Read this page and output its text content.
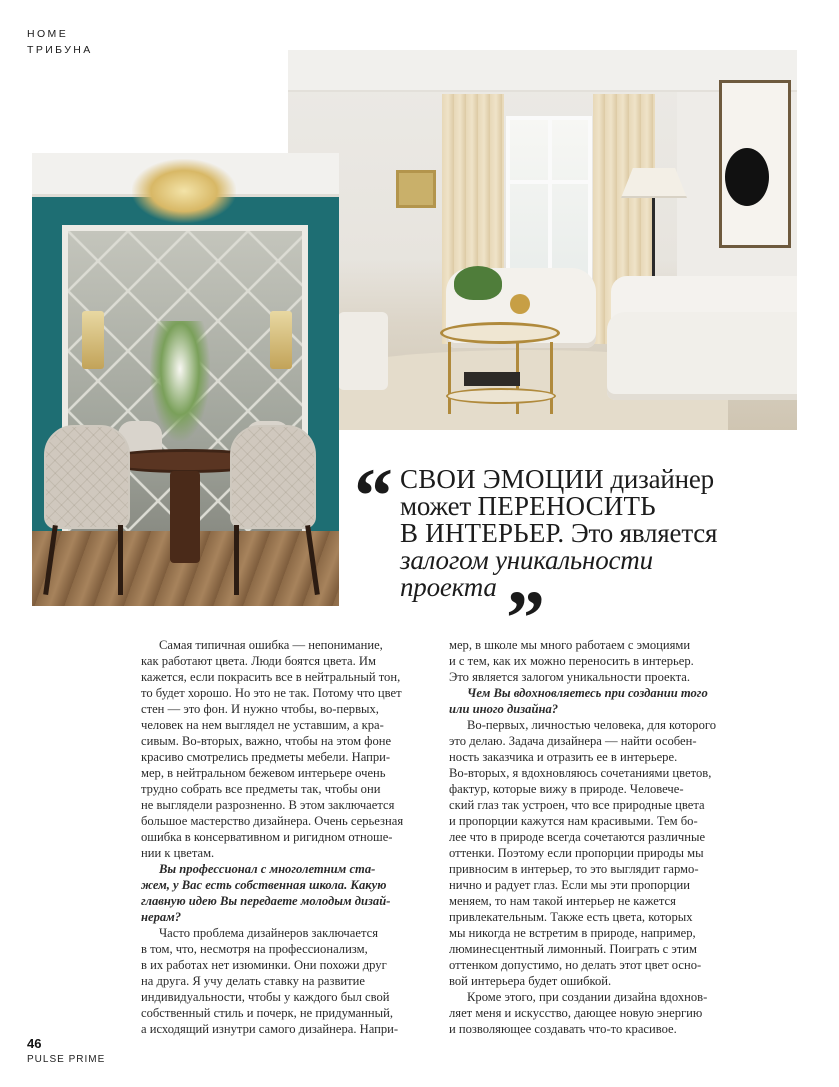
HOME
ТРИБУНА
“ СВОИ ЭМОЦИИ дизайнер
может ПЕРЕНОСИТЬ
В ИНТЕРЬЕР. Это является
залогом уникальности
проекта ”
Самая типичная ошибка — непонимание,
как работают цвета. Люди боятся цвета. Им
кажется, если покрасить все в нейтральный тон,
то будет хорошо. Но это не так. Потому что цвет
стен — это фон. И нужно чтобы, во-первых,
человек на нем выглядел не уставшим, а кра-
сивым. Во-вторых, важно, чтобы на этом фоне
красиво смотрелись предметы мебели. Напри-
мер, в нейтральном бежевом интерьере очень
трудно собрать все предметы так, чтобы они
не выглядели разрозненно. В этом заключается
большое мастерство дизайнера. Очень серьезная
ошибка в консервативном и ригидном отноше-
нии к цветам.
Вы профессионал с многолетним ста-
жем, у Вас есть собственная школа. Какую
главную идею Вы передаете молодым дизай-
нерам?
Часто проблема дизайнеров заключается
в том, что, несмотря на профессионализм,
в их работах нет изюминки. Они похожи друг
на друга. Я учу делать ставку на развитие
индивидуальности, чтобы у каждого был свой
собственный стиль и почерк, не придуманный,
а исходящий изнутри самого дизайнера. Напри-
мер, в школе мы много работаем с эмоциями
и с тем, как их можно переносить в интерьер.
Это является залогом уникальности проекта.
Чем Вы вдохновляетесь при создании того
или иного дизайна?
Во-первых, личностью человека, для которого
это делаю. Задача дизайнера — найти особен-
ность заказчика и отразить ее в интерьере.
Во-вторых, я вдохновляюсь сочетаниями цветов,
фактур, которые вижу в природе. Человече-
ский глаз так устроен, что все природные цвета
и пропорции кажутся нам красивыми. Тем бо-
лее что в природе всегда сочетаются различные
оттенки. Поэтому если пропорции природы мы
привносим в интерьер, то это выглядит гармо-
нично и радует глаз. Если мы эти пропорции
меняем, то нам такой интерьер не кажется
привлекательным. Также есть цвета, которых
мы никогда не встретим в природе, например,
люминесцентный лимонный. Поиграть с этим
оттенком допустимо, но делать этот цвет осно-
вой интерьера будет ошибкой.
Кроме этого, при создании дизайна вдохнов-
ляет меня и искусство, дающее новую энергию
и позволяющее создавать что-то красивое.
46
PULSE PRIME
